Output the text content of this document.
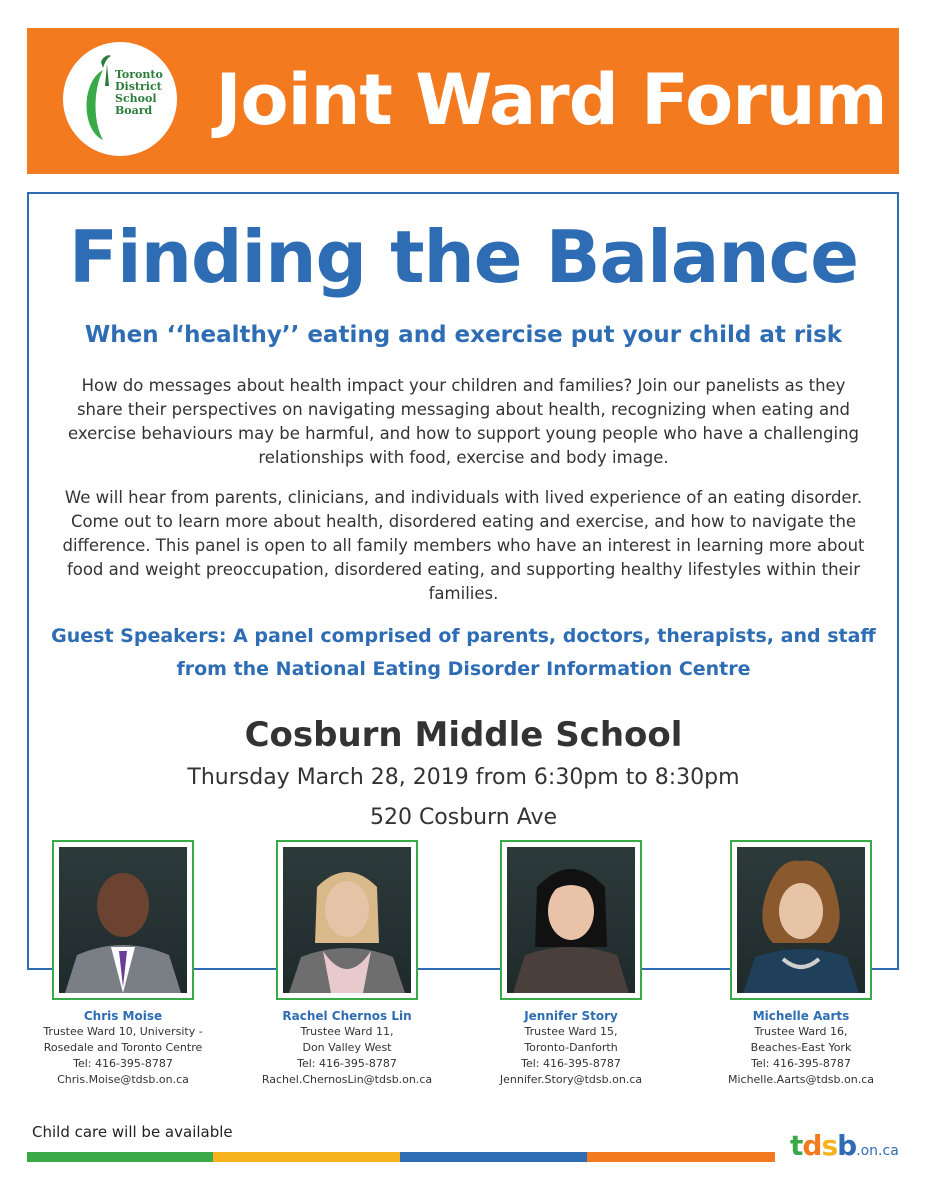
Toronto
District
School
Board Joint Ward Forum
Finding the Balance
When ‘‘healthy’’ eating and exercise put your child at risk
How do messages about health impact your children and families? Join our panelists as they share their perspectives on navigating messaging about health, recognizing when eating and exercise behaviours may be harmful, and how to support young people who have a challenging relationships with food, exercise and body image.
We will hear from parents, clinicians, and individuals with lived experience of an eating disorder. Come out to learn more about health, disordered eating and exercise, and how to navigate the difference. This panel is open to all family members who have an interest in learning more about food and weight preoccupation, disordered eating, and supporting healthy lifestyles within their families.
Guest Speakers: A panel comprised of parents, doctors, therapists, and staff from the National Eating Disorder Information Centre
Cosburn Middle School
Thursday March 28, 2019 from 6:30pm to 8:30pm
520 Cosburn Ave
Chris Moise
Trustee Ward 10, University -
Rosedale and Toronto Centre
Tel: 416-395-8787
Chris.Moise@tdsb.on.ca
Rachel Chernos Lin
Trustee Ward 11,
Don Valley West
Tel: 416-395-8787
Rachel.ChernosLin@tdsb.on.ca
Jennifer Story
Trustee Ward 15,
Toronto-Danforth
Tel: 416-395-8787
Jennifer.Story@tdsb.on.ca
Michelle Aarts
Trustee Ward 16,
Beaches-East York
Tel: 416-395-8787
Michelle.Aarts@tdsb.on.ca
Child care will be available	tdsb.on.ca
